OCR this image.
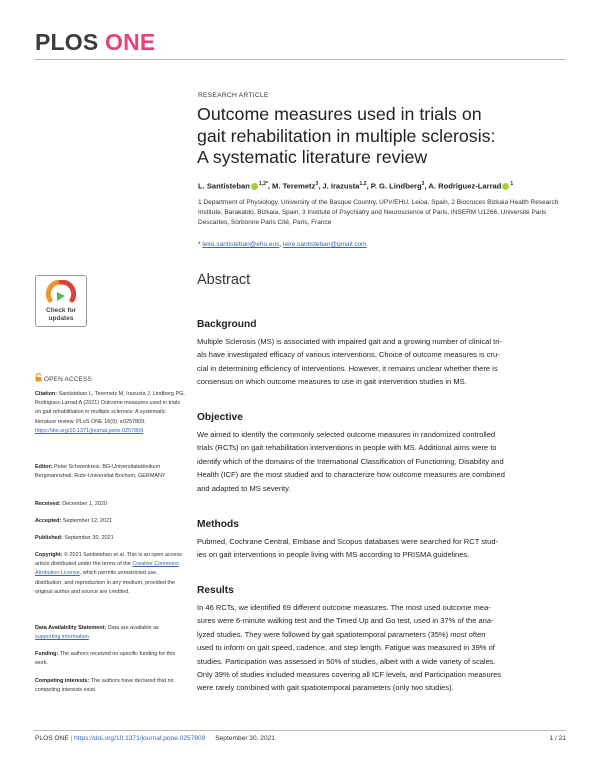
PLOS ONE
RESEARCH ARTICLE
Outcome measures used in trials on
gait rehabilitation in multiple sclerosis:
A systematic literature review
L. Santisteban $^{1,2*}$, M. Teremetz$^3$, J. Irazusta$^{1,2}$, P. G. Lindberg$^3$, A. Rodriguez-Larrad $^1$
1 Department of Physiology, University of the Basque Country, UPV/EHU, Leioa, Spain, 2 Biocruces Bizkaia Health Research Institute, Barakaldo, Bizkaia, Spain, 3 Institute of Psychiatry and Neuroscience of Paris, INSERM U1266, Université Paris Descartes, Sorbonne Paris Cité, Paris, France
* leire.santisteban@ehu.eus, leire.santisteban@gmail.com
Abstract
Background
Multiple Sclerosis (MS) is associated with impaired gait and a growing number of clinical tri-
als have investigated efficacy of various interventions. Choice of outcome measures is cru-
cial in determining efficiency of interventions. However, it remains unclear whether there is
consensus on which outcome measures to use in gait intervention studies in MS.
Objective
We aimed to identify the commonly selected outcome measures in randomized controlled
trials (RCTs) on gait rehabilitation interventions in people with MS. Additional aims were to
identify which of the domains of the International Classification of Functioning, Disability and
Health (ICF) are the most studied and to characterize how outcome measures are combined
and adapted to MS severity.
Methods
Pubmed, Cochrane Central, Embase and Scopus databases were searched for RCT stud-
ies on gait interventions in people living with MS according to PRISMA guidelines.
Results
In 46 RCTs, we identified 69 different outcome measures. The most used outcome mea-
sures were 6-minute walking test and the Timed Up and Go test, used in 37% of the ana-
lyzed studies. They were followed by gait spatiotemporal parameters (35%) most often
used to inform on gait speed, cadence, and step length. Fatigue was measured in 39% of
studies. Participation was assessed in 50% of studies, albeit with a wide variety of scales.
Only 39% of studies included measures covering all ICF levels, and Participation measures
were rarely combined with gait spatiotemporal parameters (only two studies).
Check for
updates
OPEN ACCESS
Citation: Santisteban L, Teremetz M, Irazusta J, Lindberg PG, Rodriguez-Larrad A (2021) Outcome measures used in trials on gait rehabilitation in multiple sclerosis: A systematic literature review. PLoS ONE 16(9): e0257809. https://doi.org/10.1371/journal.pone.0257809
Editor: Peter Schwenkreis, BG-Universitatsklinikum Bergmannsheil, Ruhr-Universitat Bochum, GERMANY
Received: December 1, 2020
Accepted: September 12, 2021
Published: September 30, 2021
Copyright: © 2021 Santisteban et al. This is an open access article distributed under the terms of the Creative Commons Attribution License, which permits unrestricted use, distribution, and reproduction in any medium, provided the original author and source are credited.
Data Availability Statement: Data are available as supporting information.
Funding: The authors received no specific funding for this work.
Competing interests: The authors have declared that no competing interests exist.
PLOS ONE | https://doi.org/10.1371/journal.pone.0257809 September 30, 2021	1 / 21
